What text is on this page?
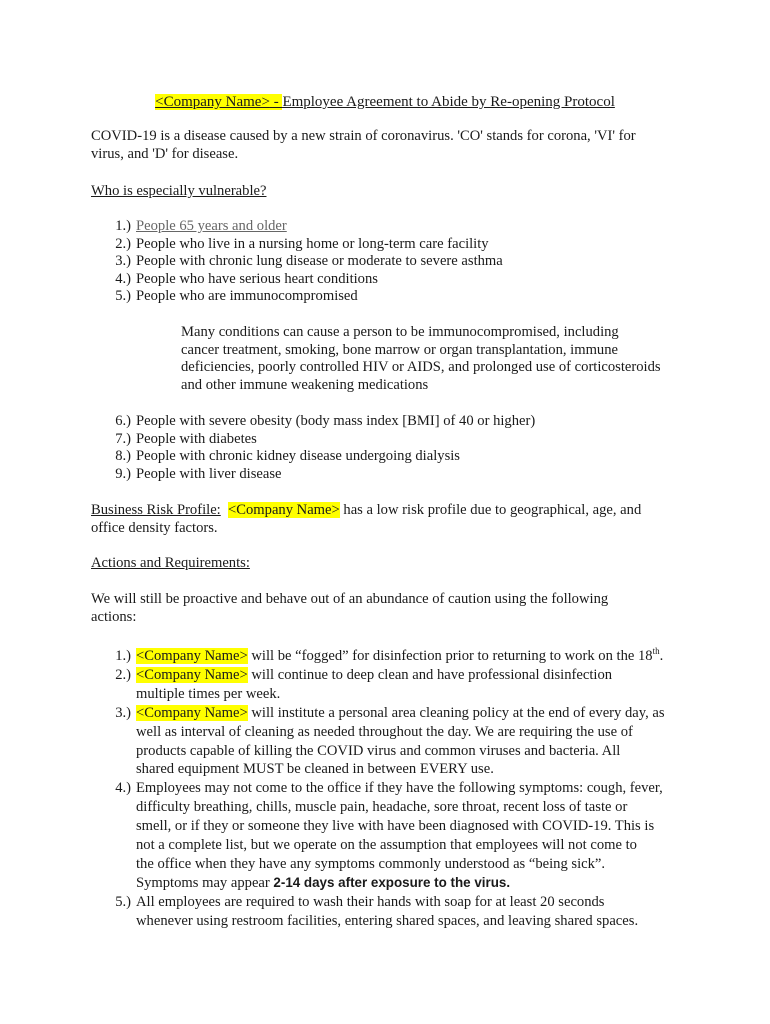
<Company Name> - Employee Agreement to Abide by Re-opening Protocol
COVID-19 is a disease caused by a new strain of coronavirus. 'CO' stands for corona, 'VI' for
virus, and 'D' for disease.
Who is especially vulnerable?
1.) People 65 years and older
2.) People who live in a nursing home or long-term care facility
3.) People with chronic lung disease or moderate to severe asthma
4.) People who have serious heart conditions
5.) People who are immunocompromised
Many conditions can cause a person to be immunocompromised, including
cancer treatment, smoking, bone marrow or organ transplantation, immune
deficiencies, poorly controlled HIV or AIDS, and prolonged use of corticosteroids
and other immune weakening medications
6.) People with severe obesity (body mass index [BMI] of 40 or higher)
7.) People with diabetes
8.) People with chronic kidney disease undergoing dialysis
9.) People with liver disease
Business Risk Profile: <Company Name> has a low risk profile due to geographical, age, and
office density factors.
Actions and Requirements:
We will still be proactive and behave out of an abundance of caution using the following
actions:
1.) <Company Name> will be “fogged” for disinfection prior to returning to work on the 18th.
2.) <Company Name> will continue to deep clean and have professional disinfection
multiple times per week.
3.) <Company Name> will institute a personal area cleaning policy at the end of every day, as
well as interval of cleaning as needed throughout the day. We are requiring the use of
products capable of killing the COVID virus and common viruses and bacteria. All
shared equipment MUST be cleaned in between EVERY use.
4.) Employees may not come to the office if they have the following symptoms: cough, fever,
difficulty breathing, chills, muscle pain, headache, sore throat, recent loss of taste or
smell, or if they or someone they live with have been diagnosed with COVID-19. This is
not a complete list, but we operate on the assumption that employees will not come to
the office when they have any symptoms commonly understood as “being sick”.
Symptoms may appear 2-14 days after exposure to the virus.
5.) All employees are required to wash their hands with soap for at least 20 seconds
whenever using restroom facilities, entering shared spaces, and leaving shared spaces.
